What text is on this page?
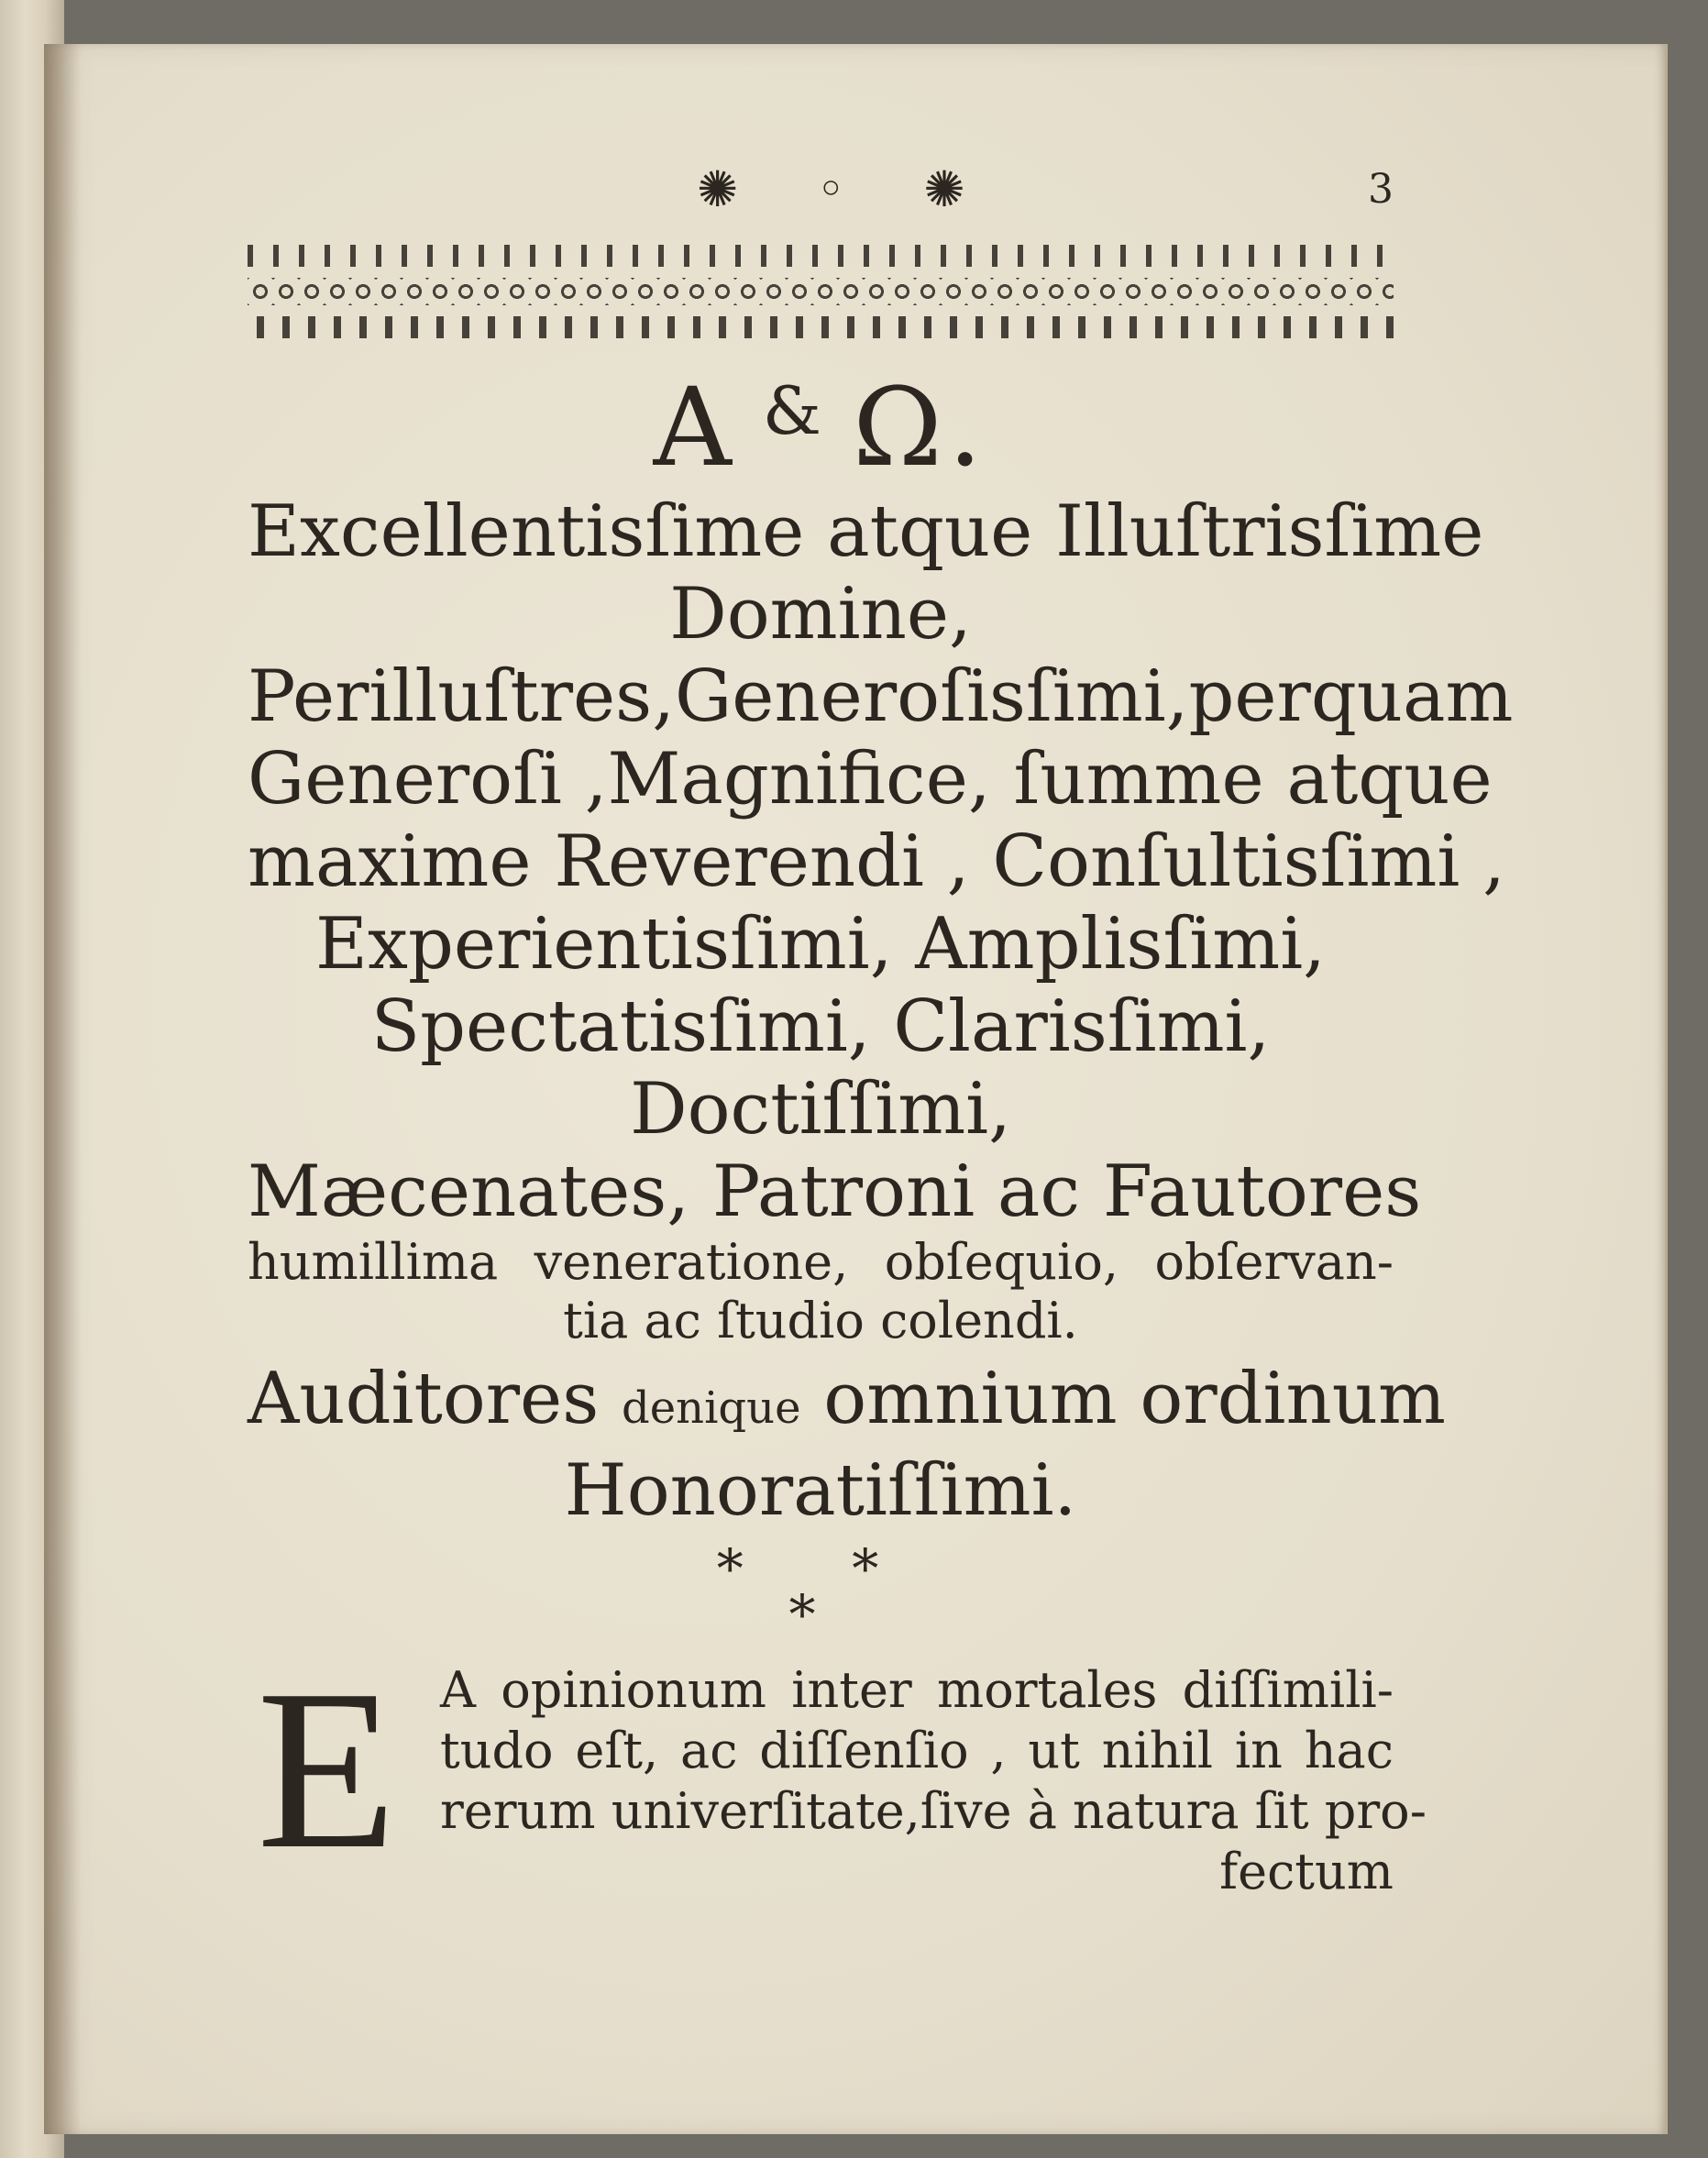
✺ ◦ ✺	3
A & Ω.
Excellentisſime atque Illuſtrisſime
Domine,
Perilluſtres,Generoſisſimi,perquam
Generoſi ,Magnifice, ſumme atque
maxime Reverendi , Conſultisſimi ,
Experientisſimi, Amplisſimi,
Spectatisſimi, Clarisſimi,
Doctiſſimi,
Mæcenates, Patroni ac Fautores
humillima veneratione, obſequio, obſervan-
tia ac ſtudio colendi.
Auditores denique omnium ordinum
Honoratiſſimi.
* *
*
E A opinionum inter mortales diſſimili-
tudo eſt, ac diſſenſio , ut nihil in hac
rerum univerſitate,ſive à natura ſit pro-
fectum
